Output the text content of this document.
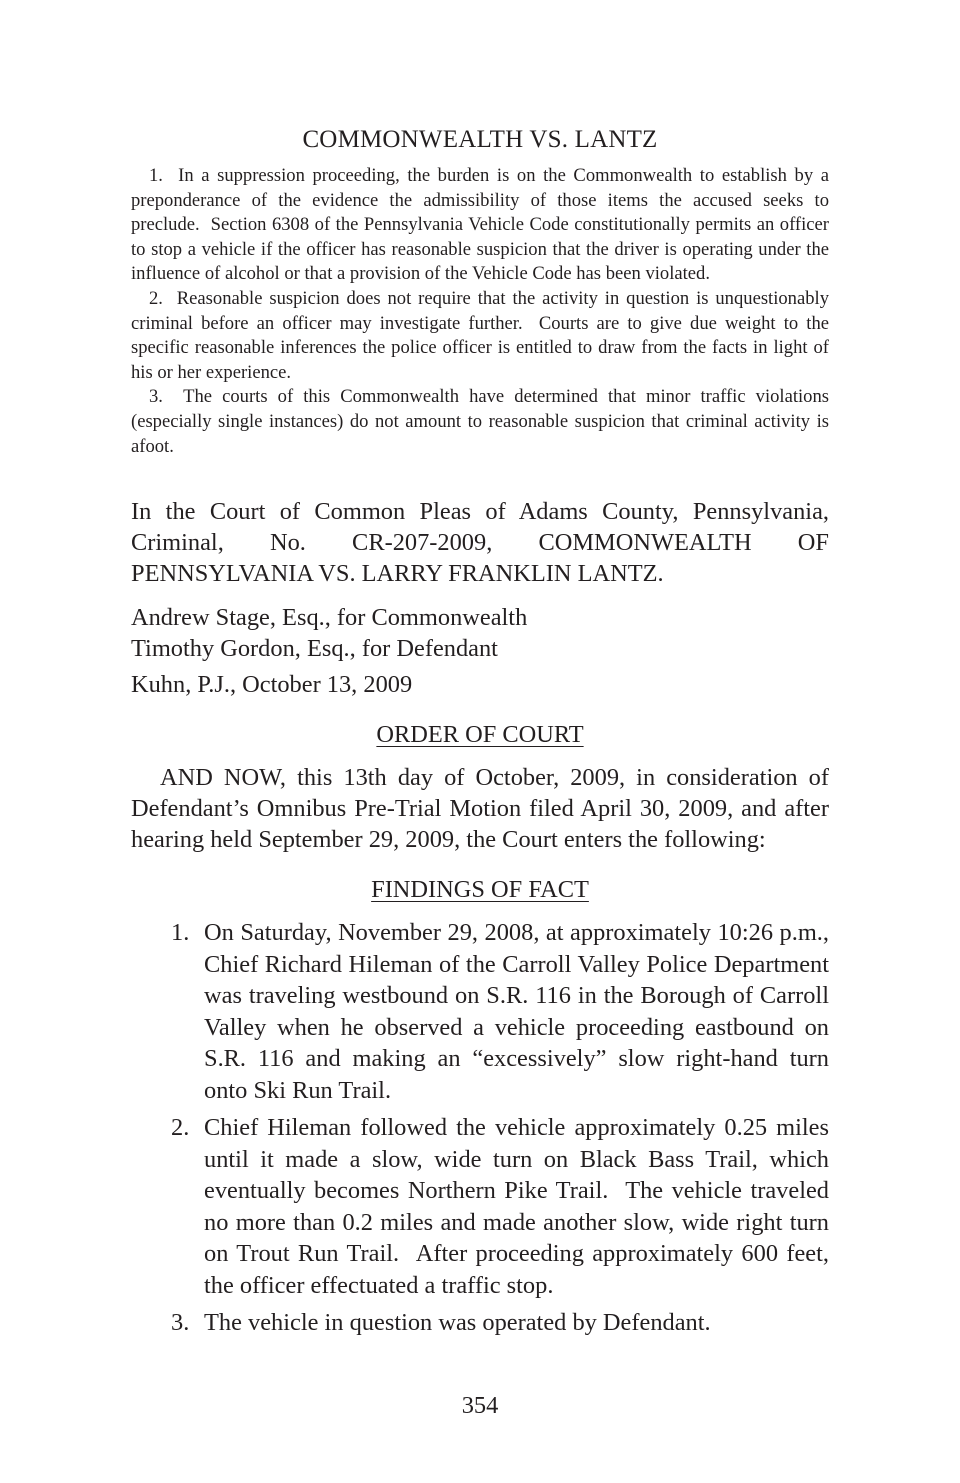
COMMONWEALTH VS. LANTZ

1.  In a suppression proceeding, the burden is on the Commonwealth to establish by a preponderance of the evidence the admissibility of those items the accused seeks to preclude.  Section 6308 of the Pennsylvania Vehicle Code constitutionally permits an officer to stop a vehicle if the officer has reasonable suspicion that the driver is operating under the influence of alcohol or that a provision of the Vehicle Code has been violated.

2.  Reasonable suspicion does not require that the activity in question is unquestionably criminal before an officer may investigate further.  Courts are to give due weight to the specific reasonable inferences the police officer is entitled to draw from the facts in light of his or her experience.

3.  The courts of this Commonwealth have determined that minor traffic violations (especially single instances) do not amount to reasonable suspicion that criminal activity is afoot.

In the Court of Common Pleas of Adams County, Pennsylvania, Criminal, No. CR-207-2009, COMMONWEALTH OF PENNSYLVANIA VS. LARRY FRANKLIN LANTZ.

Andrew Stage, Esq., for Commonwealth
Timothy Gordon, Esq., for Defendant
Kuhn, P.J., October 13, 2009
ORDER OF COURT

AND NOW, this 13th day of October, 2009, in consideration of Defendant’s Omnibus Pre-Trial Motion filed April 30, 2009, and after hearing held September 29, 2009, the Court enters the following:

FINDINGS OF FACT
1. On Saturday, November 29, 2008, at approximately 10:26 p.m., Chief Richard Hileman of the Carroll Valley Police Department was traveling westbound on S.R. 116 in the Borough of Carroll Valley when he observed a vehicle proceeding eastbound on S.R. 116 and making an “excessively” slow right-hand turn onto Ski Run Trail.
2. Chief Hileman followed the vehicle approximately 0.25 miles until it made a slow, wide turn on Black Bass Trail, which eventually becomes Northern Pike Trail.  The vehicle traveled no more than 0.2 miles and made another slow, wide right turn on Trout Run Trail.  After proceeding approximately 600 feet, the officer effectuated a traffic stop.
3. The vehicle in question was operated by Defendant.
354
